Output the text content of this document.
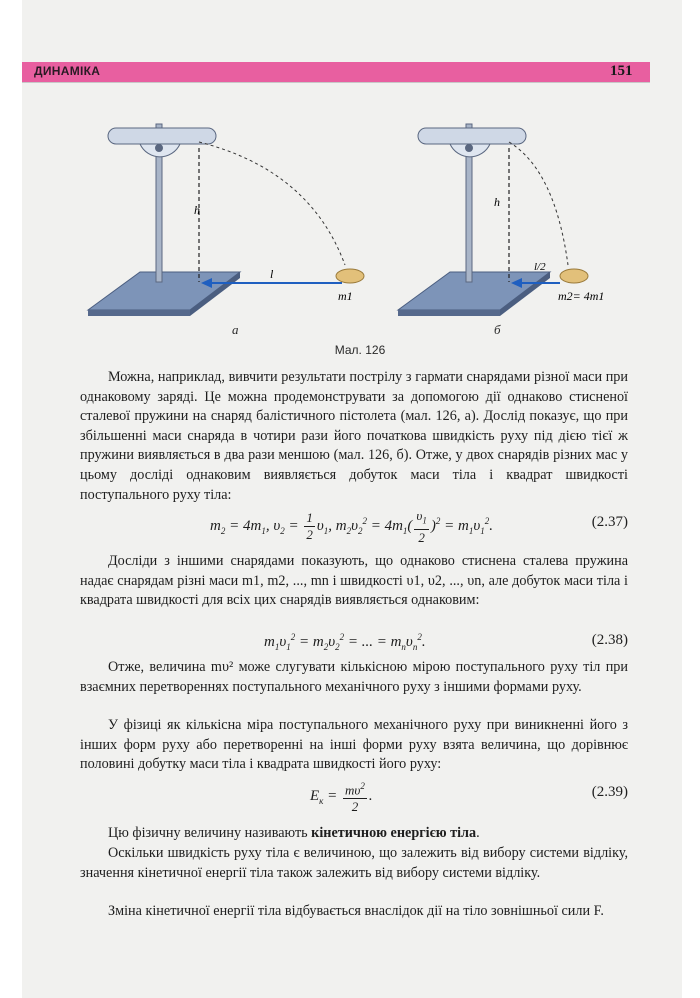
ДИНАМІКА	151
h
l
m1
h
l/2
m2= 4m1
a	б
Мал. 126

Можна, наприклад, вивчити результати пострілу з гармати снарядами різної маси при однаковому заряді. Це можна продемонструвати за допомогою дії однаково стисненої сталевої пружини на снаряд балістичного пістолета (мал. 126, а). Дослід показує, що при збільшенні маси снаряда в чотири рази його початкова швидкість руху під дією тієї ж пружини виявляється в два рази меншою (мал. 126, б). Отже, у двох снарядів різних мас у цьому досліді однаковим виявляється добуток маси тіла і квадрат швидкості поступального руху тіла:

$m_2 = 4m_1$, $\upsilon_2 = \frac{1}{2} \upsilon_1$, $m_2\upsilon_2^2 = 4m_1( \frac{\upsilon_1}{2} )^2 = m_1\upsilon_1^2$.	(2.37)

Досліди з іншими снарядами показують, що однаково стиснена сталева пружина надає снарядам різні маси m1, m2, ..., mn і швидкості υ1, υ2, ..., υn, але добуток маси тіла і квадрата швидкості для всіх цих снарядів виявляється однаковим:

$m_1\upsilon_1^2 = m_2\upsilon_2^2$ = ... = $m_n\upsilon_n^2$.	(2.38)

Отже, величина mυ² може слугувати кількісною мірою поступального руху тіл при взаємних перетвореннях поступального механічного руху з іншими формами руху.

У фізиці як кількісна міра поступального механічного руху при виникненні його з інших форм руху або перетворенні на інші форми руху взята величина, що дорівнює половині добутку маси тіла і квадрата швидкості його руху:

$E_к = \frac{m\upsilon^2}{2}$ .	(2.39)

Цю фізичну величину називають кінетичною енергією тіла.

Оскільки швидкість руху тіла є величиною, що залежить від вибору системи відліку, значення кінетичної енергії тіла також залежить від вибору системи відліку.

Зміна кінетичної енергії тіла відбувається внаслідок дії на тіло зовнішньої сили F.
